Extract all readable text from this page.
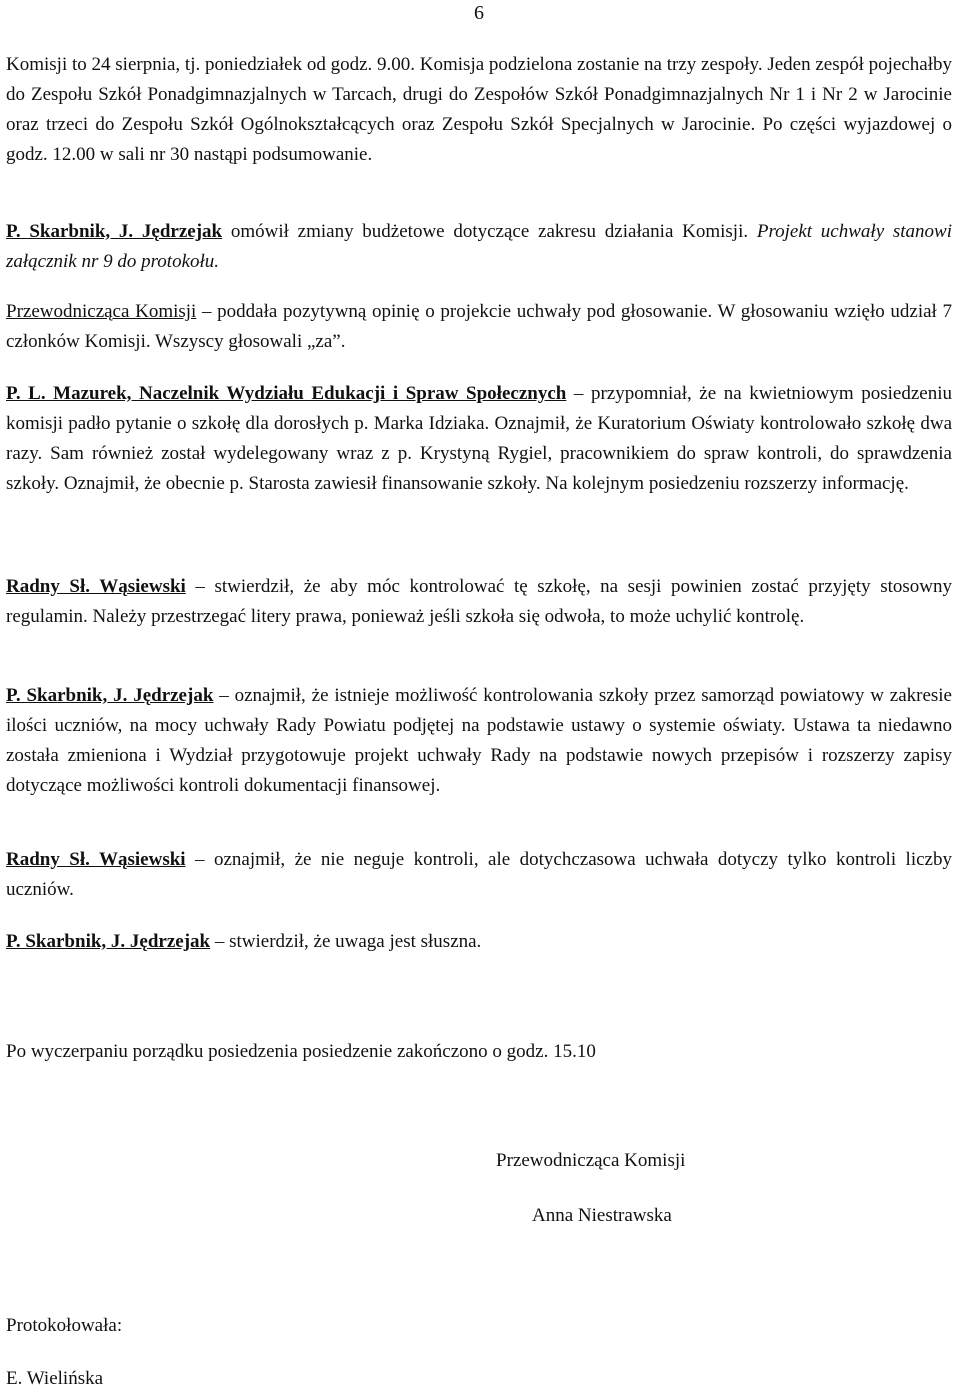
6

Komisji to 24 sierpnia, tj. poniedziałek od godz. 9.00. Komisja podzielona zostanie na trzy zespoły. Jeden zespół pojechałby do Zespołu Szkół Ponadgimnazjalnych w Tarcach, drugi do Zespołów Szkół Ponadgimnazjalnych Nr 1 i Nr 2 w Jarocinie oraz trzeci do Zespołu Szkół Ogólnokształcących oraz Zespołu Szkół Specjalnych w Jarocinie. Po części wyjazdowej o godz. 12.00 w sali nr 30 nastąpi podsumowanie.

P. Skarbnik, J. Jędrzejak omówił zmiany budżetowe dotyczące zakresu działania Komisji. Projekt uchwały stanowi załącznik nr 9 do protokołu.

Przewodnicząca Komisji – poddała pozytywną opinię o projekcie uchwały pod głosowanie. W głosowaniu wzięło udział 7 członków Komisji. Wszyscy głosowali „za”.

P. L. Mazurek, Naczelnik Wydziału Edukacji i Spraw Społecznych – przypomniał, że na kwietniowym posiedzeniu komisji padło pytanie o szkołę dla dorosłych p. Marka Idziaka. Oznajmił, że Kuratorium Oświaty kontrolowało szkołę dwa razy. Sam również został wydelegowany wraz z p. Krystyną Rygiel, pracownikiem do spraw kontroli, do sprawdzenia szkoły. Oznajmił, że obecnie p. Starosta zawiesił finansowanie szkoły. Na kolejnym posiedzeniu rozszerzy informację.

Radny Sł. Wąsiewski – stwierdził, że aby móc kontrolować tę szkołę, na sesji powinien zostać przyjęty stosowny regulamin. Należy przestrzegać litery prawa, ponieważ jeśli szkoła się odwoła, to może uchylić kontrolę.

P. Skarbnik, J. Jędrzejak – oznajmił, że istnieje możliwość kontrolowania szkoły przez samorząd powiatowy w zakresie ilości uczniów, na mocy uchwały Rady Powiatu podjętej na podstawie ustawy o systemie oświaty. Ustawa ta niedawno została zmieniona i Wydział przygotowuje projekt uchwały Rady na podstawie nowych przepisów i rozszerzy zapisy dotyczące możliwości kontroli dokumentacji finansowej.

Radny Sł. Wąsiewski – oznajmił, że nie neguje kontroli, ale dotychczasowa uchwała dotyczy tylko kontroli liczby uczniów.

P. Skarbnik, J. Jędrzejak – stwierdził, że uwaga jest słuszna.

Po wyczerpaniu porządku posiedzenia posiedzenie zakończono o godz. 15.10

Przewodnicząca Komisji

Anna Niestrawska

Protokołowała:

E. Wielińska
